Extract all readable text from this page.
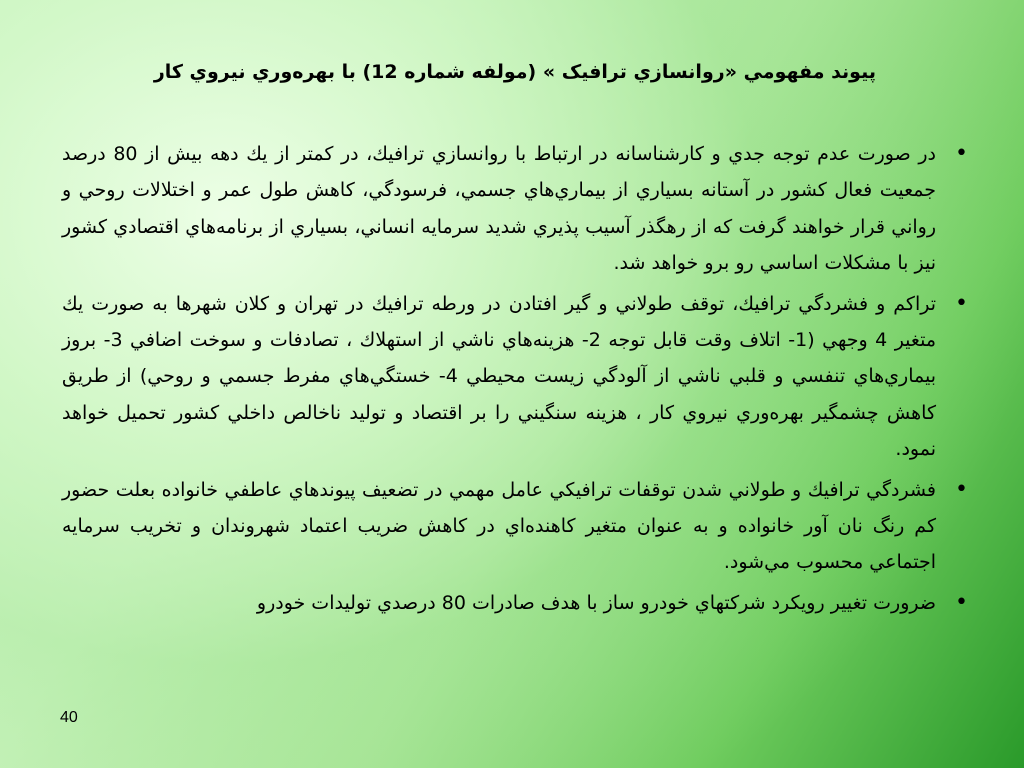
پيوند مفهومي «روانسازي ترافيک » (مولفه شماره 12) با بهره‌وري نيروي کار
•
در صورت عدم توجه جدي و کارشناسانه در ارتباط با روانسازي ترافيك، در کمتر از يك دهه بيش از 80 درصد جمعيت فعال کشور در آستانه بسياري از بيماري‌هاي جسمي، فرسودگي، کاهش طول عمر و اختلالات روحي و رواني قرار خواهند گرفت که از رهگذر آسيب پذيري شديد سرمايه انساني، بسياري از برنامه‌هاي اقتصادي کشور نيز با مشکلات اساسي رو برو خواهد شد.
•
تراكم و فشردگي ترافيك، توقف طولاني و گير افتادن در ورطه ترافيك در تهران و کلان شهرها به صورت يك متغير 4 وجهي (1- اتلاف وقت قابل توجه 2- هزينه‌هاي ناشي از استهلاك ، تصادفات و سوخت اضافي 3- بروز بيماري‌هاي تنفسي و قلبي ناشي از آلودگي زيست محيطي 4- خستگي‌هاي مفرط جسمي و روحي) از طريق کاهش چشمگير بهره‌وري نيروي کار ، هزينه سنگيني را بر اقتصاد و توليد ناخالص داخلي کشور تحميل خواهد نمود.
•
فشردگي ترافيك و طولاني شدن توقفات ترافيکي عامل مهمي در تضعيف پيوندهاي عاطفي خانواده بعلت حضور کم رنگ نان آور خانواده و به عنوان متغير کاهنده‌اي در کاهش ضريب اعتماد شهروندان و تخريب سرمايه اجتماعي محسوب مي‌شود.
•
ضرورت تغيير رويکرد شرکتهاي خودرو ساز با هدف صادرات 80 درصدي توليدات خودرو
40
